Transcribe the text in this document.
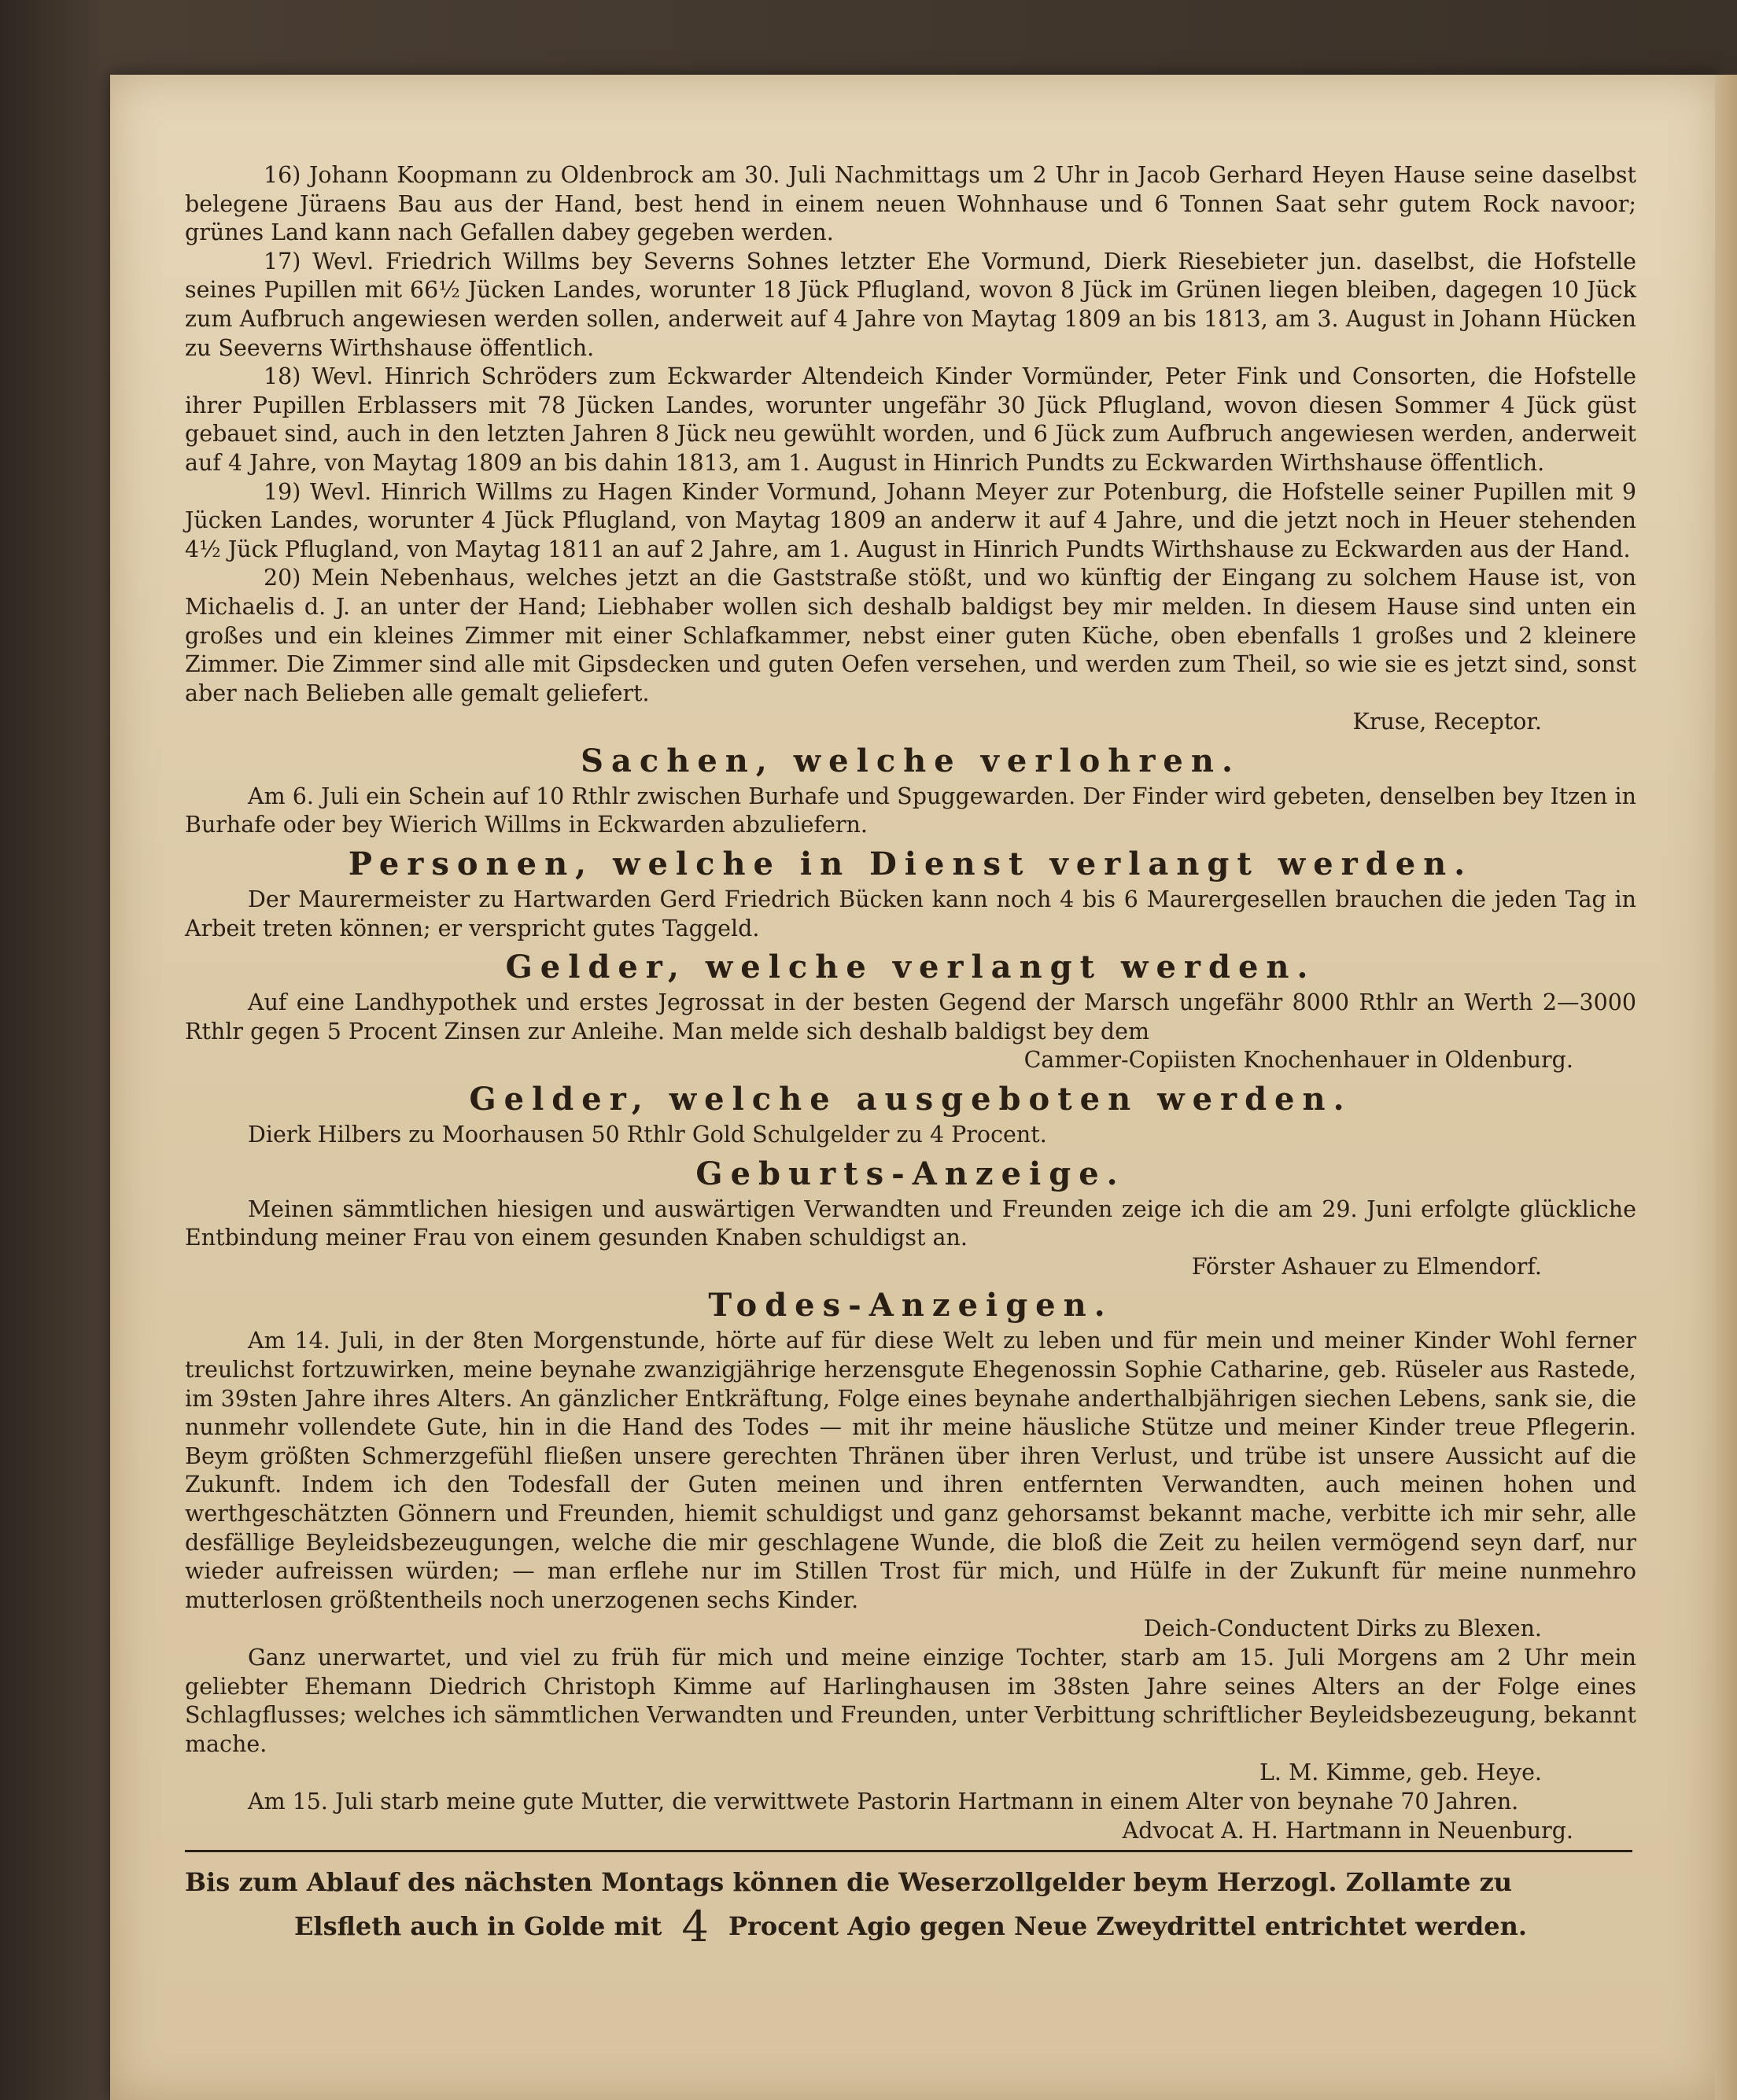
16) Johann Koopmann zu Oldenbrock am 30. Juli Nachmittags um 2 Uhr in Jacob Gerhard Heyen Hause seine daselbst belegene Jüraens Bau aus der Hand, best hend in einem neuen Wohnhause und 6 Tonnen Saat sehr gutem Rock navoor; grünes Land kann nach Gefallen dabey gegeben werden.

17) Wevl. Friedrich Willms bey Severns Sohnes letzter Ehe Vormund, Dierk Riesebieter jun. daselbst, die Hofstelle seines Pupillen mit 66½ Jücken Landes, worunter 18 Jück Pflugland, wovon 8 Jück im Grünen liegen bleiben, dagegen 10 Jück zum Aufbruch angewiesen werden sollen, anderweit auf 4 Jahre von Maytag 1809 an bis 1813, am 3. August in Johann Hücken zu Seeverns Wirthshause öffentlich.

18) Wevl. Hinrich Schröders zum Eckwarder Altendeich Kinder Vormünder, Peter Fink und Consorten, die Hofstelle ihrer Pupillen Erblassers mit 78 Jücken Landes, worunter ungefähr 30 Jück Pflugland, wovon diesen Sommer 4 Jück güst gebauet sind, auch in den letzten Jahren 8 Jück neu gewühlt worden, und 6 Jück zum Aufbruch angewiesen werden, anderweit auf 4 Jahre, von Maytag 1809 an bis dahin 1813, am 1. August in Hinrich Pundts zu Eckwarden Wirthshause öffentlich.

19) Wevl. Hinrich Willms zu Hagen Kinder Vormund, Johann Meyer zur Potenburg, die Hofstelle seiner Pupillen mit 9 Jücken Landes, worunter 4 Jück Pflugland, von Maytag 1809 an anderw it auf 4 Jahre, und die jetzt noch in Heuer stehenden 4½ Jück Pflugland, von Maytag 1811 an auf 2 Jahre, am 1. August in Hinrich Pundts Wirthshause zu Eckwarden aus der Hand.

20) Mein Nebenhaus, welches jetzt an die Gaststraße stößt, und wo künftig der Eingang zu solchem Hause ist, von Michaelis d. J. an unter der Hand; Liebhaber wollen sich deshalb baldigst bey mir melden. In diesem Hause sind unten ein großes und ein kleines Zimmer mit einer Schlafkammer, nebst einer guten Küche, oben ebenfalls 1 großes und 2 kleinere Zimmer. Die Zimmer sind alle mit Gipsdecken und guten Oefen versehen, und werden zum Theil, so wie sie es jetzt sind, sonst aber nach Belieben alle gemalt geliefert.

Kruse, Receptor.

Sachen, welche verlohren.

Am 6. Juli ein Schein auf 10 Rthlr zwischen Burhafe und Spuggewarden. Der Finder wird gebeten, denselben bey Itzen in Burhafe oder bey Wierich Willms in Eckwarden abzuliefern.

Personen, welche in Dienst verlangt werden.

Der Maurermeister zu Hartwarden Gerd Friedrich Bücken kann noch 4 bis 6 Maurergesellen brauchen die jeden Tag in Arbeit treten können; er verspricht gutes Taggeld.

Gelder, welche verlangt werden.

Auf eine Landhypothek und erstes Jegrossat in der besten Gegend der Marsch ungefähr 8000 Rthlr an Werth 2—3000 Rthlr gegen 5 Procent Zinsen zur Anleihe. Man melde sich deshalb baldigst bey dem

Cammer-Copiisten Knochenhauer in Oldenburg.

Gelder, welche ausgeboten werden.

Dierk Hilbers zu Moorhausen 50 Rthlr Gold Schulgelder zu 4 Procent.

Geburts-Anzeige.

Meinen sämmtlichen hiesigen und auswärtigen Verwandten und Freunden zeige ich die am 29. Juni erfolgte glückliche Entbindung meiner Frau von einem gesunden Knaben schuldigst an.

Förster Ashauer zu Elmendorf.

Todes-Anzeigen.

Am 14. Juli, in der 8ten Morgenstunde, hörte auf für diese Welt zu leben und für mein und meiner Kinder Wohl ferner treulichst fortzuwirken, meine beynahe zwanzigjährige herzensgute Ehegenossin Sophie Catharine, geb. Rüseler aus Rastede, im 39sten Jahre ihres Alters. An gänzlicher Entkräftung, Folge eines beynahe anderthalbjährigen siechen Lebens, sank sie, die nunmehr vollendete Gute, hin in die Hand des Todes — mit ihr meine häusliche Stütze und meiner Kinder treue Pflegerin. Beym größten Schmerzgefühl fließen unsere gerechten Thränen über ihren Verlust, und trübe ist unsere Aussicht auf die Zukunft. Indem ich den Todesfall der Guten meinen und ihren entfernten Verwandten, auch meinen hohen und werthgeschätzten Gönnern und Freunden, hiemit schuldigst und ganz gehorsamst bekannt mache, verbitte ich mir sehr, alle desfällige Beyleidsbezeugungen, welche die mir geschlagene Wunde, die bloß die Zeit zu heilen vermögend seyn darf, nur wieder aufreissen würden; — man erflehe nur im Stillen Trost für mich, und Hülfe in der Zukunft für meine nunmehro mutterlosen größtentheils noch unerzogenen sechs Kinder.

Deich-Conductent Dirks zu Blexen.

Ganz unerwartet, und viel zu früh für mich und meine einzige Tochter, starb am 15. Juli Morgens am 2 Uhr mein geliebter Ehemann Diedrich Christoph Kimme auf Harlinghausen im 38sten Jahre seines Alters an der Folge eines Schlagflusses; welches ich sämmtlichen Verwandten und Freunden, unter Verbittung schriftlicher Beyleidsbezeugung, bekannt mache.

L. M. Kimme, geb. Heye.

Am 15. Juli starb meine gute Mutter, die verwittwete Pastorin Hartmann in einem Alter von beynahe 70 Jahren.

Advocat A. H. Hartmann in Neuenburg.

Bis zum Ablauf des nächsten Montags können die Weserzollgelder beym Herzogl. Zollamte zu

Elsfleth auch in Golde mit 4 Procent Agio gegen Neue Zweydrittel entrichtet werden.
